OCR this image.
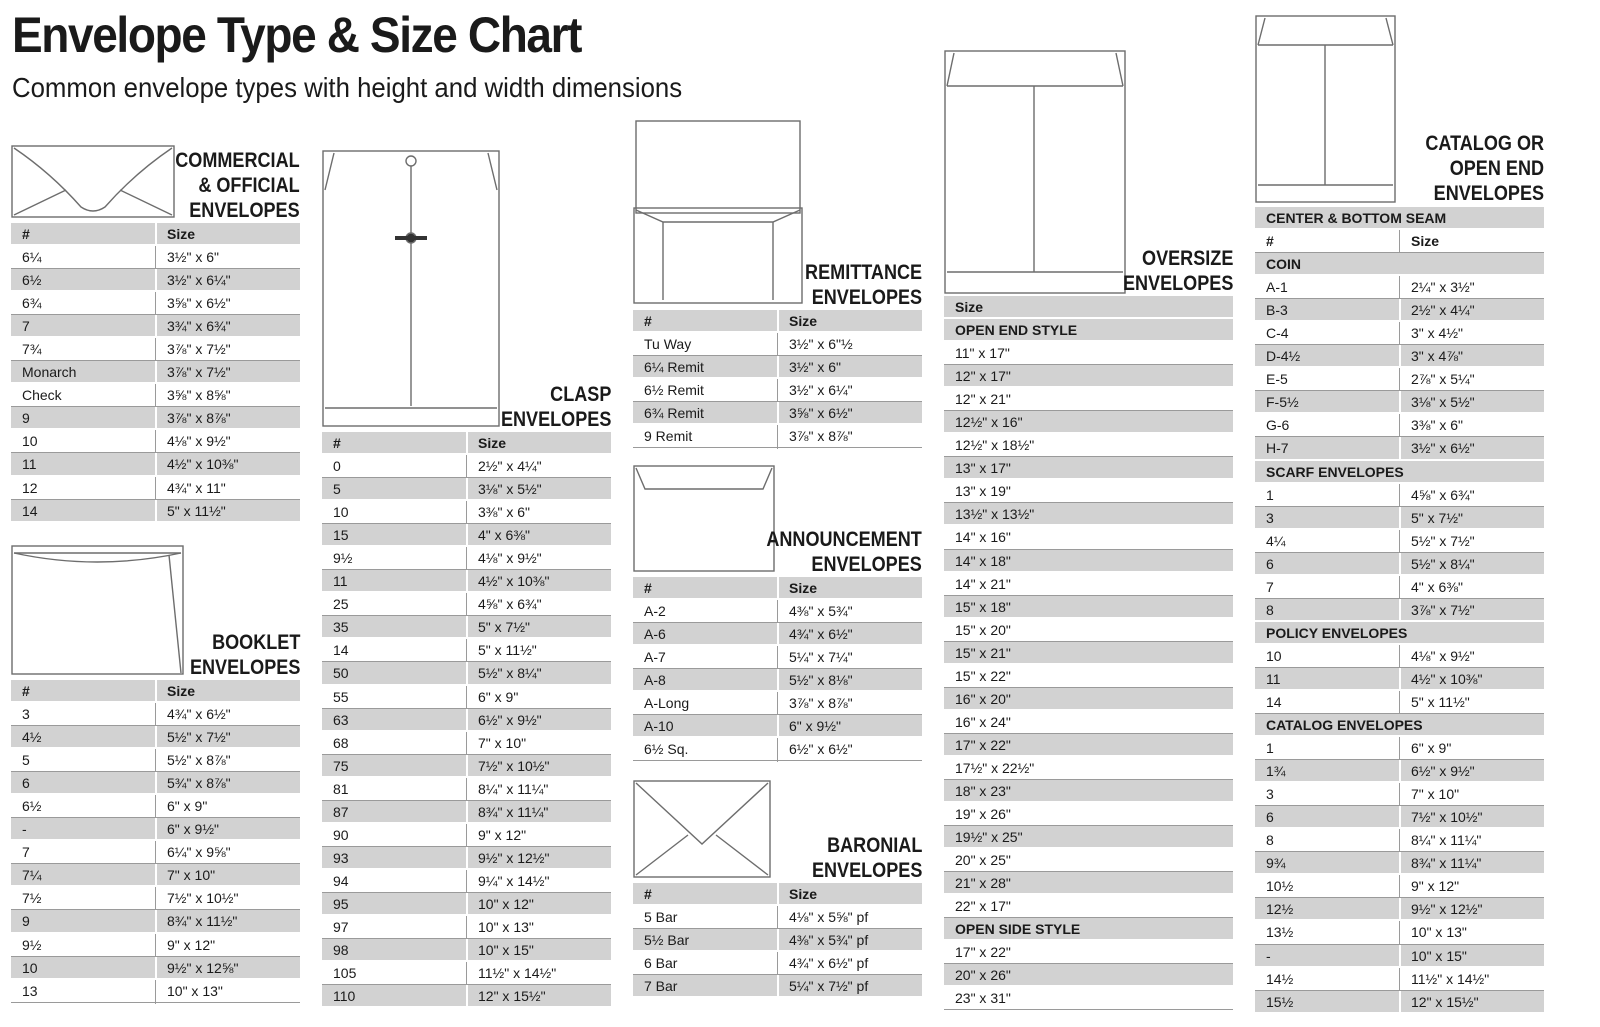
Envelope Type & Size Chart
Common envelope types with height and width dimensions
COMMERCIAL
& OFFICIAL
ENVELOPES
#	Size
6¼	3½" x 6"
6½	3½" x 6¼"
6¾	3⅝" x 6½"
7	3¾" x 6¾"
7¾	3⅞" x 7½"
Monarch	3⅞" x 7½"
Check	3⅝" x 8⅝"
9	3⅞" x 8⅞"
10	4⅛" x 9½"
11	4½" x 10⅜"
12	4¾" x 11"
14	5" x 11½"
BOOKLET
ENVELOPES
#	Size
3	4¾" x 6½"
4½	5½" x 7½"
5	5½" x 8⅞"
6	5¾" x 8⅞"
6½	6" x 9"
-	6" x 9½"
7	6¼" x 9⅝"
7¼	7" x 10"
7½	7½" x 10½"
9	8¾" x 11½"
9½	9" x 12"
10	9½" x 12⅝"
13	10" x 13"
CLASP
ENVELOPES
#	Size
0	2½" x 4¼"
5	3⅛" x 5½"
10	3⅜" x 6"
15	4" x 6⅜"
9½	4⅛" x 9½"
11	4½" x 10⅜"
25	4⅝" x 6¾"
35	5" x 7½"
14	5" x 11½"
50	5½" x 8¼"
55	6" x 9"
63	6½" x 9½"
68	7" x 10"
75	7½" x 10½"
81	8¼" x 11¼"
87	8¾" x 11¼"
90	9" x 12"
93	9½" x 12½"
94	9¼" x 14½"
95	10" x 12"
97	10" x 13"
98	10" x 15"
105	11½" x 14½"
110	12" x 15½"
REMITTANCE
ENVELOPES
#	Size
Tu Way	3½" x 6"½
6¼ Remit	3½" x 6"
6½ Remit	3½" x 6¼"
6¾ Remit	3⅝" x 6½"
9 Remit	3⅞" x 8⅞"
ANNOUNCEMENT
ENVELOPES
#	Size
A-2	4⅜" x 5¾"
A-6	4¾" x 6½"
A-7	5¼" x 7¼"
A-8	5½" x 8⅛"
A-Long	3⅞" x 8⅞"
A-10	6" x 9½"
6½ Sq.	6½" x 6½"
BARONIAL
ENVELOPES
#	Size
5 Bar	4⅛" x 5⅝" pf
5½ Bar	4⅜" x 5¾" pf
6 Bar	4¾" x 6½" pf
7 Bar	5¼" x 7½" pf
OVERSIZE
ENVELOPES
Size
OPEN END STYLE
11" x 17"
12" x 17"
12" x 21"
12½" x 16"
12½" x 18½"
13" x 17"
13" x 19"
13½" x 13½"
14" x 16"
14" x 18"
14" x 21"
15" x 18"
15" x 20"
15" x 21"
15" x 22"
16" x 20"
16" x 24"
17" x 22"
17½" x 22½"
18" x 23"
19" x 26"
19½" x 25"
20" x 25"
21" x 28"
22" x 17"
OPEN SIDE STYLE
17" x 22"
20" x 26"
23" x 31"
CATALOG OR
OPEN END
ENVELOPES
CENTER & BOTTOM SEAM
#	Size
COIN
A-1	2¼" x 3½"
B-3	2½" x 4¼"
C-4	3" x 4½"
D-4½	3" x 4⅞"
E-5	2⅞" x 5¼"
F-5½	3⅛" x 5½"
G-6	3⅜" x 6"
H-7	3½" x 6½"
SCARF ENVELOPES
1	4⅝" x 6¾"
3	5" x 7½"
4¼	5½" x 7½"
6	5½" x 8¼"
7	4" x 6⅜"
8	3⅞" x 7½"
POLICY ENVELOPES
10	4⅛" x 9½"
11	4½" x 10⅜"
14	5" x 11½"
CATALOG ENVELOPES
1	6" x 9"
1¾	6½" x 9½"
3	7" x 10"
6	7½" x 10½"
8	8¼" x 11¼"
9¾	8¾" x 11¼"
10½	9" x 12"
12½	9½" x 12½"
13½	10" x 13"
-	10" x 15"
14½	11½" x 14½"
15½	12" x 15½"
